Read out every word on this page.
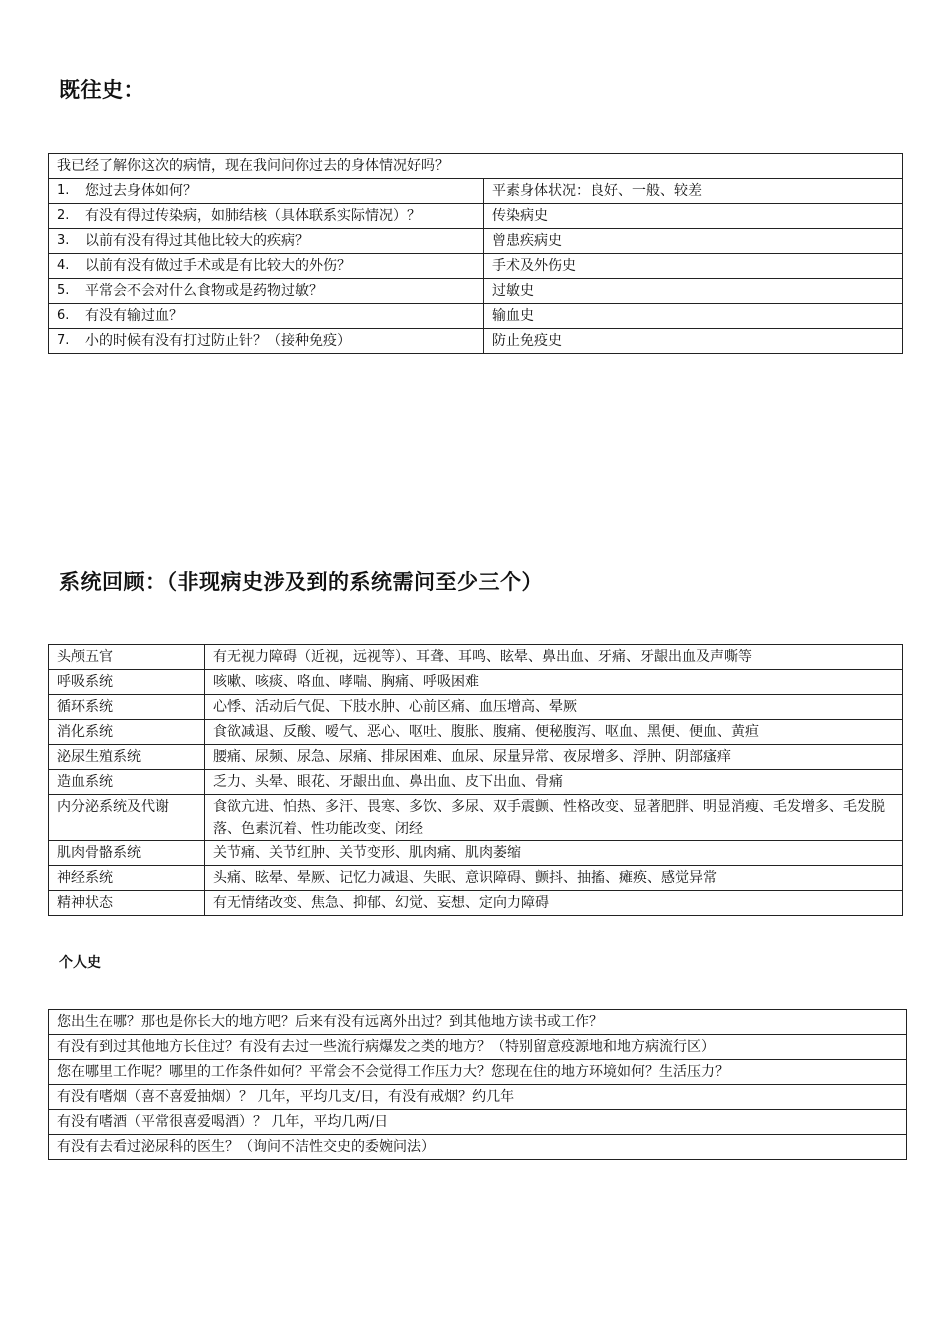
既往史：
我已经了解你这次的病情，现在我问问你过去的身体情况好吗？	

1. 您过去身体如何？	平素身体状况：良好、一般、较差

2. 有没有得过传染病，如肺结核（具体联系实际情况）？	传染病史

3. 以前有没有得过其他比较大的疾病？	曾患疾病史

4. 以前有没有做过手术或是有比较大的外伤？	手术及外伤史

5. 平常会不会对什么食物或是药物过敏？	过敏史

6. 有没有输过血？	输血史

7. 小的时候有没有打过防止针？（接种免疫）	防止免疫史
系统回顾：（非现病史涉及到的系统需问至少三个）
头颅五官	有无视力障碍（近视，远视等）、耳聋、耳鸣、眩晕、鼻出血、牙痛、牙龈出血及声嘶等
呼吸系统	咳嗽、咳痰、咯血、哮喘、胸痛、呼吸困难
循环系统	心悸、活动后气促、下肢水肿、心前区痛、血压增高、晕厥
消化系统	食欲减退、反酸、嗳气、恶心、呕吐、腹胀、腹痛、便秘腹泻、呕血、黑便、便血、黄疸
泌尿生殖系统	腰痛、尿频、尿急、尿痛、排尿困难、血尿、尿量异常、夜尿增多、浮肿、阴部瘙痒
造血系统	乏力、头晕、眼花、牙龈出血、鼻出血、皮下出血、骨痛
内分泌系统及代谢	食欲亢进、怕热、多汗、畏寒、多饮、多尿、双手震颤、性格改变、显著肥胖、明显消瘦、毛发增多、毛发脱落、色素沉着、性功能改变、闭经
肌肉骨骼系统	关节痛、关节红肿、关节变形、肌肉痛、肌肉萎缩
神经系统	头痛、眩晕、晕厥、记忆力减退、失眠、意识障碍、颤抖、抽搐、瘫痪、感觉异常
精神状态	有无情绪改变、焦急、抑郁、幻觉、妄想、定向力障碍
个人史
您出生在哪？那也是你长大的地方吧？后来有没有远离外出过？到其他地方读书或工作？
有没有到过其他地方长住过？有没有去过一些流行病爆发之类的地方？（特别留意疫源地和地方病流行区）
您在哪里工作呢？哪里的工作条件如何？平常会不会觉得工作压力大？您现在住的地方环境如何？生活压力？
有没有嗜烟（喜不喜爱抽烟）？ 几年，平均几支/日，有没有戒烟？约几年
有没有嗜酒（平常很喜爱喝酒）？ 几年，平均几两/日
有没有去看过泌尿科的医生？（询问不洁性交史的委婉问法）
